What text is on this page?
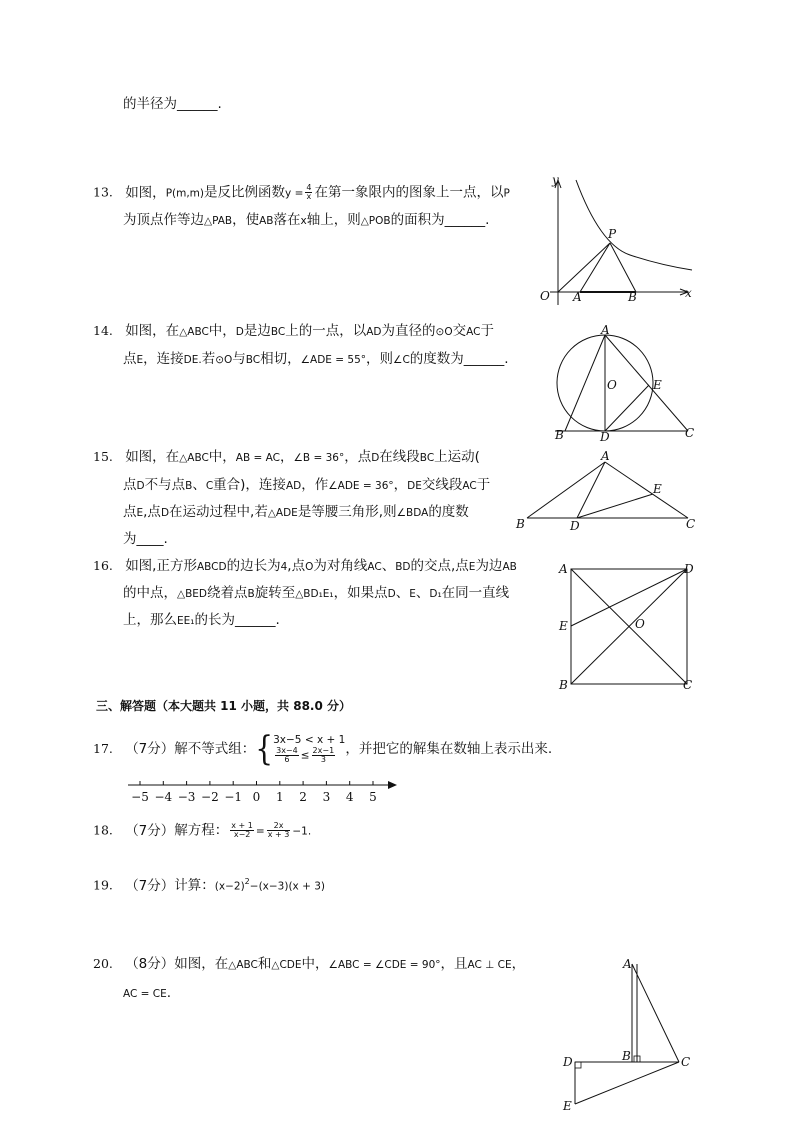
的半径为______.
13. 如图，P(m,m)是反比例函数$y = \frac{4}{x}$ 在第一象限内的图象上一点，以P
为顶点作等边△PAB，使AB落在x轴上，则△POB的面积为______.
y
x
O A	B
P
14. 如图，在△ABC中，D是边BC上的一点，以AD为直径的⊙O交AC于
点E，连接DE.若⊙O与BC相切，∠ADE = 55°，则∠C的度数为______.
A
O	E
B	D	C
15. 如图，在△ABC中，AB = AC，∠B = 36°，点D在线段BC上运动(
点D不与点B、C重合)，连接AD，作∠ADE = 36°，DE交线段AC于
点E,点D在运动过程中,若△ADE是等腰三角形,则∠BDA的度数
为____.
A
E
B	D	C
16. 如图,正方形ABCD的边长为4,点O为对角线AC、BD的交点,点E为边AB
的中点，△BED绕着点B旋转至△BD₁E₁，如果点D、E、D₁在同一直线
上，那么EE₁的长为______.
A	D
E	O
B	C
三、解答题（本大题共 11 小题，共 88.0 分）
17. （7分）解不等式组：{ 3x−5 < x + 1
$\frac{3x-4}{6} \le \frac{2x-1}{3}$ ，并把它的解集在数轴上表示出来.
−5 −4 −3 −2 −1 0 1 2 3 4 5
18. （7分）解方程： $\frac{x + 1}{x-2} = \frac{2x}{x + 3} -1$.
19. （7分）计算：$(x-2)^2-(x-3)(x + 3)$
20. （8分）如图，在△ABC和△CDE中，∠ABC = ∠CDE = 90°，且AC ⊥ CE，
AC = CE.
A
B
D	C
E
